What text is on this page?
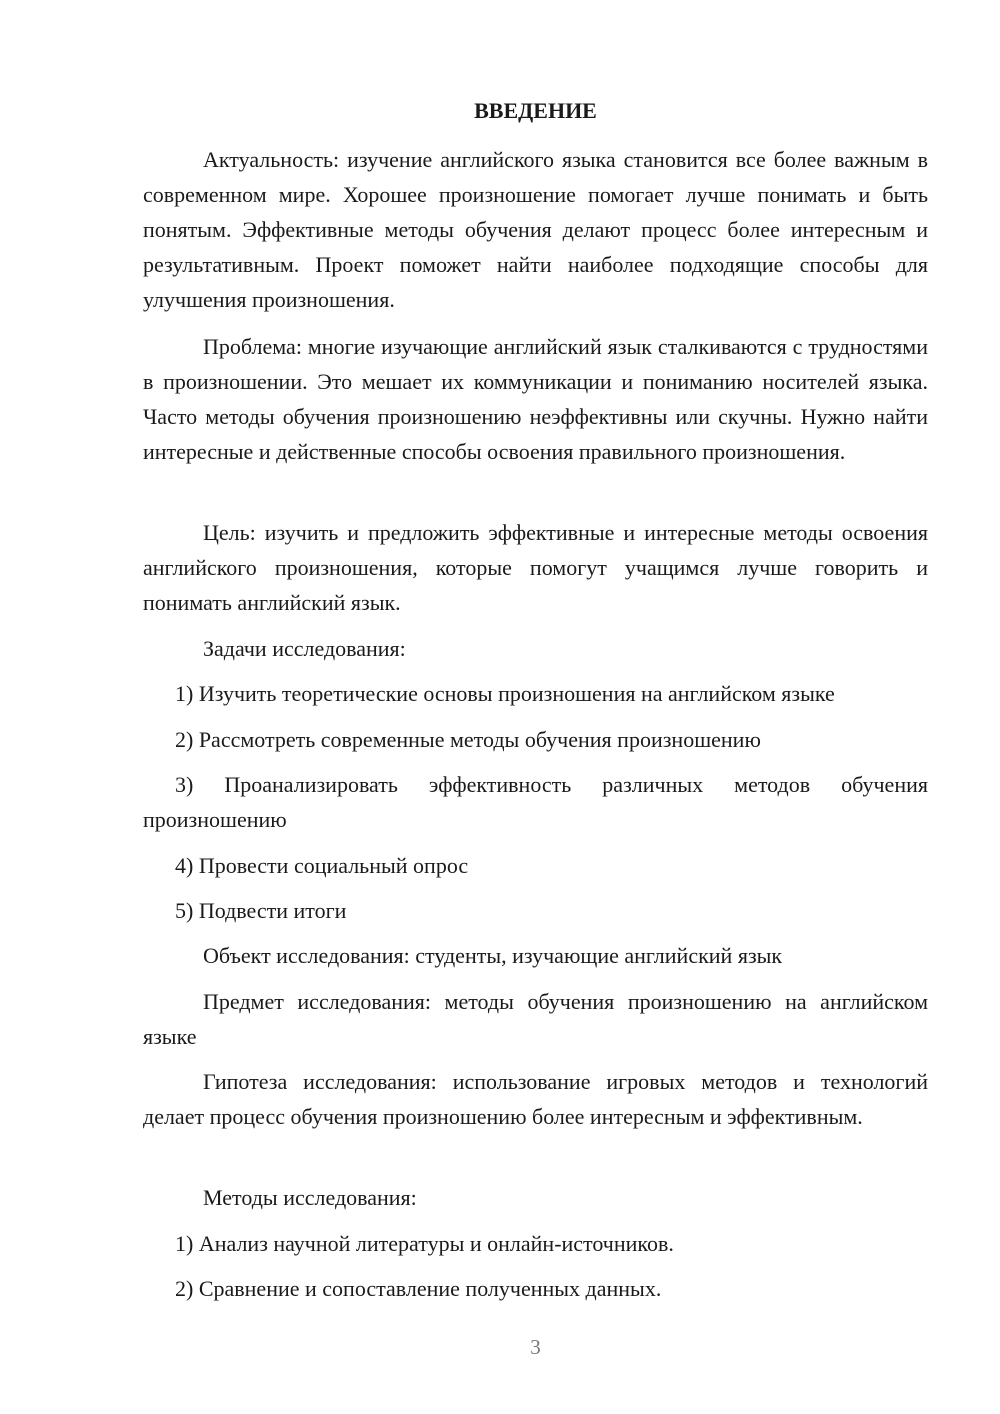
ВВЕДЕНИЕ

Актуальность: изучение английского языка становится все более важным в современном мире. Хорошее произношение помогает лучше понимать и быть понятым. Эффективные методы обучения делают процесс более интересным и результативным. Проект поможет найти наиболее подходящие способы для улучшения произношения.

Проблема: многие изучающие английский язык сталкиваются с трудностями в произношении. Это мешает их коммуникации и пониманию носителей языка. Часто методы обучения произношению неэффективны или скучны. Нужно найти интересные и действенные способы освоения правильного произношения.

Цель: изучить и предложить эффективные и интересные методы освоения английского произношения, которые помогут учащимся лучше говорить и понимать английский язык.

Задачи исследования:

1) Изучить теоретические основы произношения на английском языке

2) Рассмотреть современные методы обучения произношению

3) Проанализировать эффективность различных методов обучения произношению

4) Провести социальный опрос

5) Подвести итоги

Объект исследования: студенты, изучающие английский язык

Предмет исследования: методы обучения произношению на английском языке

Гипотеза исследования: использование игровых методов и технологий делает процесс обучения произношению более интересным и эффективным.

Методы исследования:

1) Анализ научной литературы и онлайн-источников.

2) Сравнение и сопоставление полученных данных.

3
